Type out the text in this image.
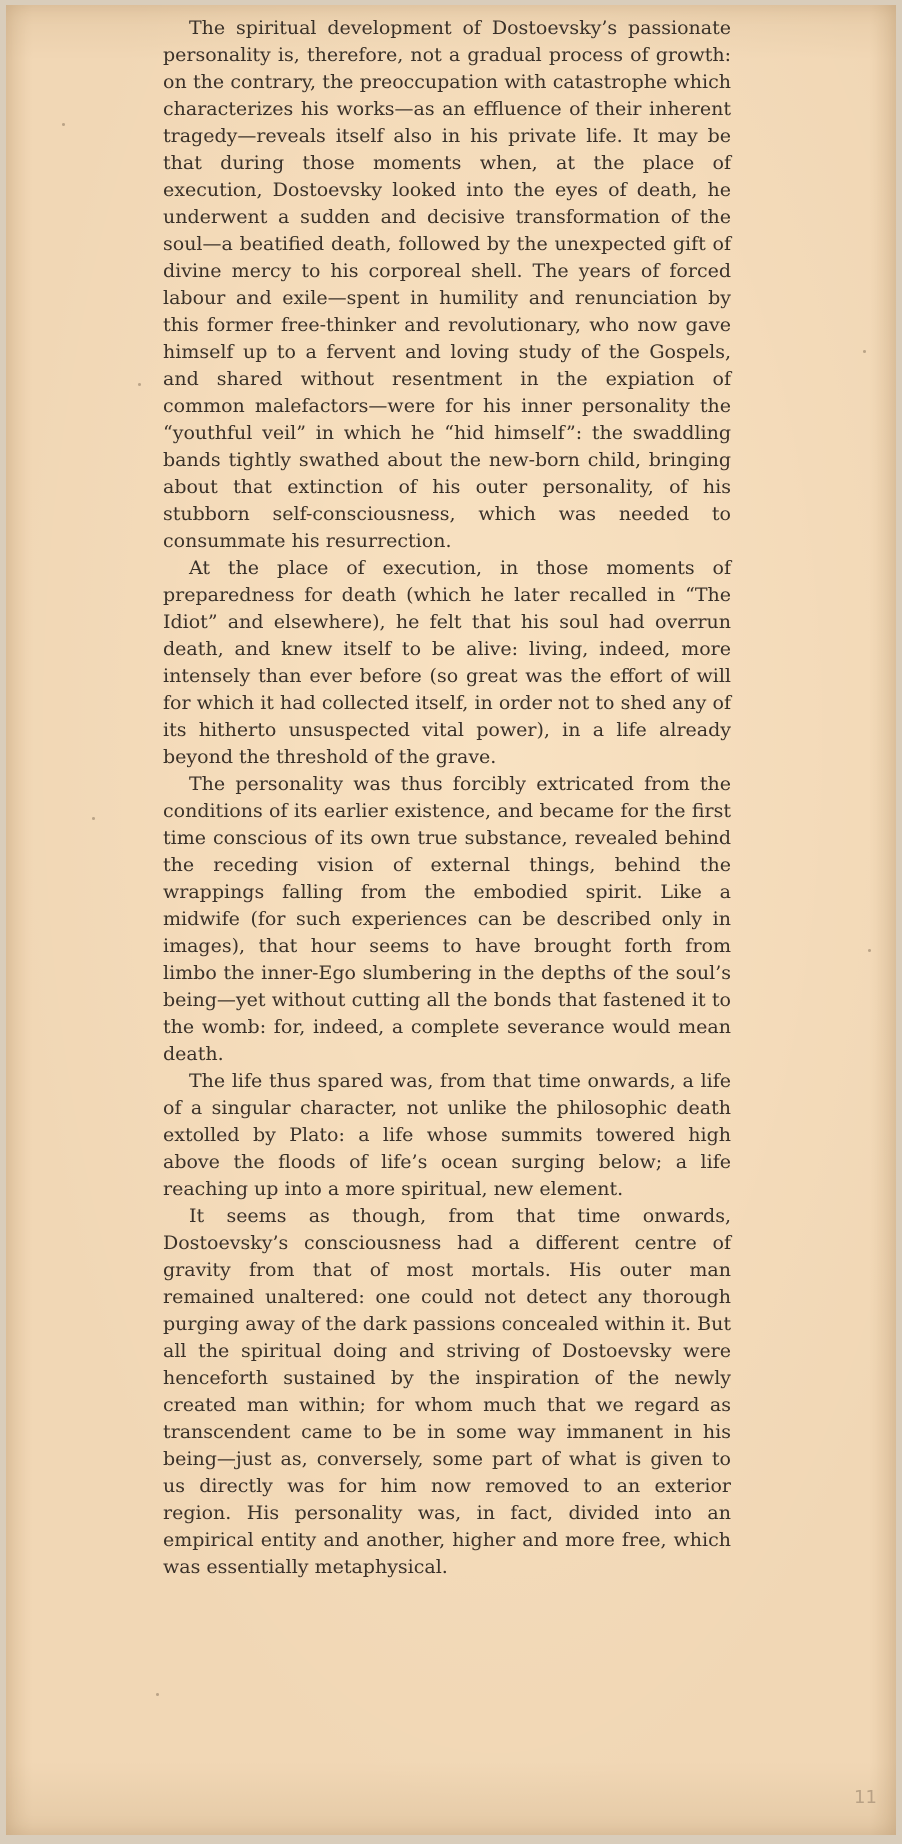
The spiritual development of Dostoevsky’s passionate personality is, therefore, not a gradual process of growth: on the contrary, the preoccupation with catastrophe which characterizes his works—as an effluence of their inherent tragedy—reveals itself also in his private life. It may be that during those moments when, at the place of execution, Dostoevsky looked into the eyes of death, he underwent a sudden and decisive transformation of the soul—a beatified death, followed by the unexpected gift of divine mercy to his corporeal shell. The years of forced labour and exile—spent in humility and renunciation by this former free-thinker and revolutionary, who now gave himself up to a fervent and loving study of the Gospels, and shared without resentment in the expiation of common malefactors—were for his inner personality the “youthful veil” in which he “hid himself”: the swaddling bands tightly swathed about the new-born child, bringing about that extinction of his outer personality, of his stubborn self-consciousness, which was needed to consummate his resurrection.

At the place of execution, in those moments of preparedness for death (which he later recalled in “The Idiot” and elsewhere), he felt that his soul had overrun death, and knew itself to be alive: living, indeed, more intensely than ever before (so great was the effort of will for which it had collected itself, in order not to shed any of its hitherto unsuspected vital power), in a life already beyond the threshold of the grave.

The personality was thus forcibly extricated from the conditions of its earlier existence, and became for the first time conscious of its own true substance, revealed behind the receding vision of external things, behind the wrappings falling from the embodied spirit. Like a midwife (for such experiences can be described only in images), that hour seems to have brought forth from limbo the inner-Ego slumbering in the depths of the soul’s being—yet without cutting all the bonds that fastened it to the womb: for, indeed, a complete severance would mean death.

The life thus spared was, from that time onwards, a life of a singular character, not unlike the philosophic death extolled by Plato: a life whose summits towered high above the floods of life’s ocean surging below; a life reaching up into a more spiritual, new element.

It seems as though, from that time onwards, Dostoevsky’s consciousness had a different centre of gravity from that of most mortals. His outer man remained unaltered: one could not detect any thorough purging away of the dark passions concealed within it. But all the spiritual doing and striving of Dostoevsky were henceforth sustained by the inspiration of the newly created man within; for whom much that we regard as transcendent came to be in some way immanent in his being—just as, conversely, some part of what is given to us directly was for him now removed to an exterior region. His personality was, in fact, divided into an empirical entity and another, higher and more free, which was essentially metaphysical.

11
